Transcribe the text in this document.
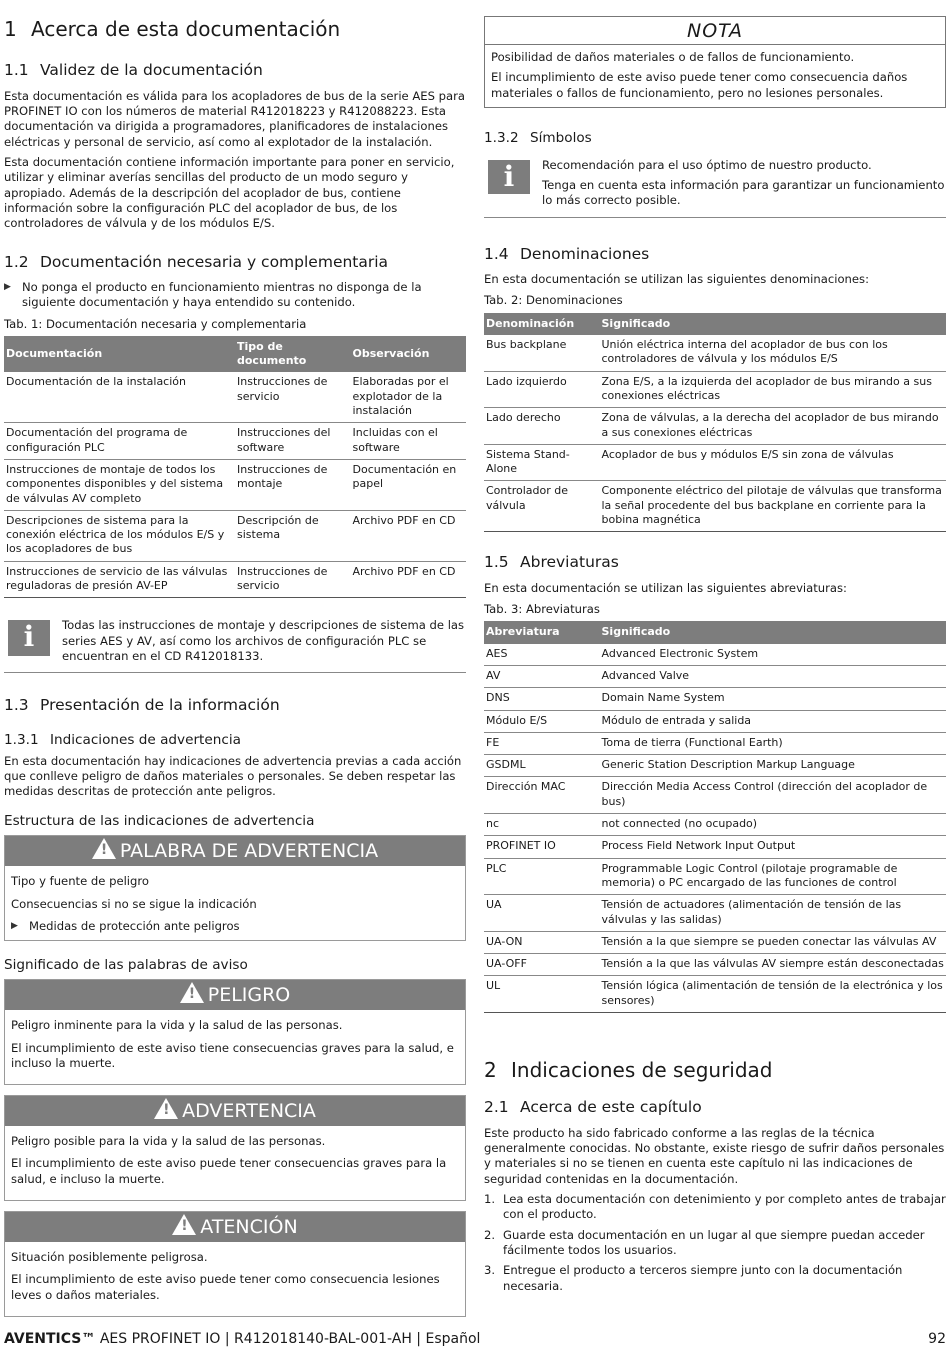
1 Acerca de esta documentación
1.1 Validez de la documentación

Esta documentación es válida para los acopladores de bus de la serie AES para PROFINET IO con los números de material R412018223 y R412088223. Esta documentación va dirigida a programadores, planificadores de instalaciones eléctricas y personal de servicio, así como al explotador de la instalación.

Esta documentación contiene información importante para poner en servicio, utilizar y eliminar averías sencillas del producto de un modo seguro y apropiado. Además de la descripción del acoplador de bus, contiene información sobre la configuración PLC del acoplador de bus, de los controladores de válvula y de los módulos E/S.

1.2 Documentación necesaria y complementaria
▶ No ponga el producto en funcionamiento mientras no disponga de la siguiente documentación y haya entendido su contenido.

Tab. 1: Documentación necesaria y complementaria

Documentación	Tipo de documento	Observación
Documentación de la instalación	Instrucciones de servicio	Elaboradas por el explotador de la instalación
Documentación del programa de configuración PLC	Instrucciones del software	Incluidas con el software
Instrucciones de montaje de todos los componentes disponibles y del sistema de válvulas AV completo	Instrucciones de montaje	Documentación en papel
Descripciones de sistema para la conexión eléctrica de los módulos E/S y los acopladores de bus	Descripción de sistema	Archivo PDF en CD
Instrucciones de servicio de las válvulas reguladoras de presión AV-EP	Instrucciones de servicio	Archivo PDF en CD
i	Todas las instrucciones de montaje y descripciones de sistema de las series AES y AV, así como los archivos de configuración PLC se encuentran en el CD R412018133.
1.3 Presentación de la información
1.3.1 Indicaciones de advertencia

En esta documentación hay indicaciones de advertencia previas a cada acción que conlleve peligro de daños materiales o personales. Se deben respetar las medidas descritas de protección ante peligros.

Estructura de las indicaciones de advertencia
!PALABRA DE ADVERTENCIA

Tipo y fuente de peligro

Consecuencias si no se sigue la indicación

▶ Medidas de protección ante peligros
Significado de las palabras de aviso
!PELIGRO

Peligro inminente para la vida y la salud de las personas.

El incumplimiento de este aviso tiene consecuencias graves para la salud, e incluso la muerte.

!ADVERTENCIA

Peligro posible para la vida y la salud de las personas.

El incumplimiento de este aviso puede tener consecuencias graves para la salud, e incluso la muerte.

!ATENCIÓN

Situación posiblemente peligrosa.

El incumplimiento de este aviso puede tener como consecuencia lesiones leves o daños materiales.

NOTA

Posibilidad de daños materiales o de fallos de funcionamiento.

El incumplimiento de este aviso puede tener como consecuencia daños materiales o fallos de funcionamiento, pero no lesiones personales.

1.3.2 Símbolos
i	Recomendación para el uso óptimo de nuestro producto.

Tenga en cuenta esta información para garantizar un funcionamiento lo más correcto posible.

1.4 Denominaciones

En esta documentación se utilizan las siguientes denominaciones:

Tab. 2: Denominaciones

Denominación	Significado
Bus backplane	Unión eléctrica interna del acoplador de bus con los controladores de válvula y los módulos E/S
Lado izquierdo	Zona E/S, a la izquierda del acoplador de bus mirando a sus conexiones eléctricas
Lado derecho	Zona de válvulas, a la derecha del acoplador de bus mirando a sus conexiones eléctricas
Sistema Stand-Alone	Acoplador de bus y módulos E/S sin zona de válvulas
Controlador de válvula	Componente eléctrico del pilotaje de válvulas que transforma la señal procedente del bus backplane en corriente para la bobina magnética
1.5 Abreviaturas

En esta documentación se utilizan las siguientes abreviaturas:

Tab. 3: Abreviaturas

Abreviatura	Significado
AES	Advanced Electronic System
AV	Advanced Valve
DNS	Domain Name System
Módulo E/S	Módulo de entrada y salida
FE	Toma de tierra (Functional Earth)
GSDML	Generic Station Description Markup Language
Dirección MAC	Dirección Media Access Control (dirección del acoplador de bus)
nc	not connected (no ocupado)
PROFINET IO	Process Field Network Input Output
PLC	Programmable Logic Control (pilotaje programable de memoria) o PC encargado de las funciones de control
UA	Tensión de actuadores (alimentación de tensión de las válvulas y las salidas)
UA-ON	Tensión a la que siempre se pueden conectar las válvulas AV
UA-OFF	Tensión a la que las válvulas AV siempre están desconectadas
UL	Tensión lógica (alimentación de tensión de la electrónica y los sensores)
2 Indicaciones de seguridad
2.1 Acerca de este capítulo

Este producto ha sido fabricado conforme a las reglas de la técnica generalmente conocidas. No obstante, existe riesgo de sufrir daños personales y materiales si no se tienen en cuenta este capítulo ni las indicaciones de seguridad contenidas en la documentación.

1. Lea esta documentación con detenimiento y por completo antes de trabajar con el producto.
2. Guarde esta documentación en un lugar al que siempre puedan acceder fácilmente todos los usuarios.
3. Entregue el producto a terceros siempre junto con la documentación necesaria.
AVENTICS™ AES PROFINET IO | R412018140-BAL-001-AH | Español	92
